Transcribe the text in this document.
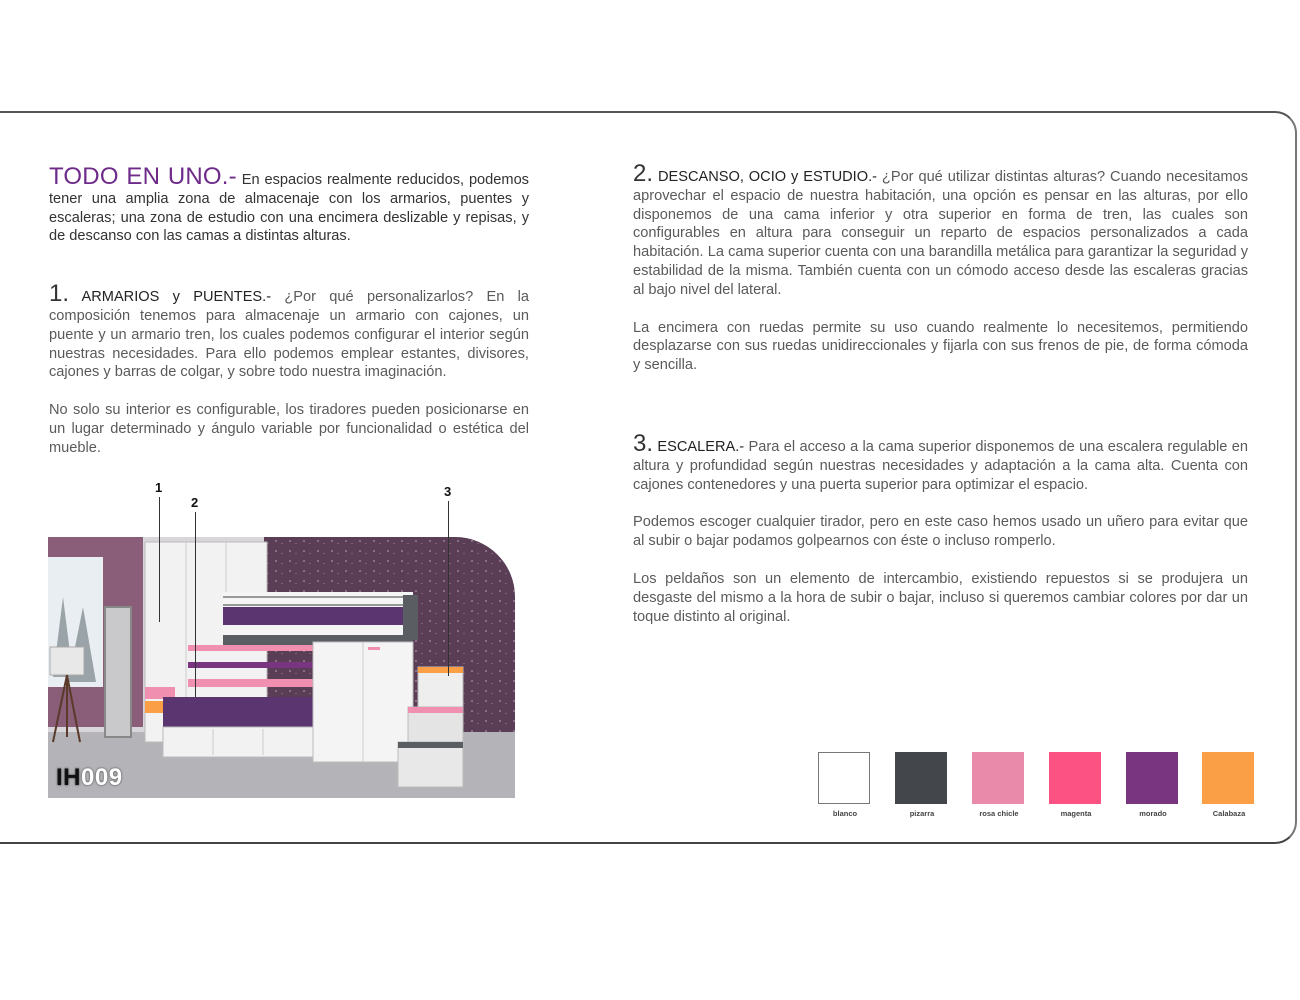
TODO EN UNO.- En espacios realmente reducidos, podemos tener una amplia zona de almacenaje con los armarios, puentes y escaleras; una zona de estudio con una encimera deslizable y repisas, y de descanso con las camas a distintas alturas.

1. ARMARIOS y PUENTES.- ¿Por qué personalizarlos? En la composición tenemos para almacenaje un armario con cajones, un puente y un armario tren, los cuales podemos configurar el interior según nuestras necesidades. Para ello podemos emplear estantes, divisores, cajones y barras de colgar, y sobre todo nuestra imaginación.

No solo su interior es configurable, los tiradores pueden posicionarse en un lugar determinado y ángulo variable por funcionalidad o estética del mueble.

1
2
3
IH009

2. DESCANSO, OCIO y ESTUDIO.- ¿Por qué utilizar distintas alturas? Cuando necesitamos aprovechar el espacio de nuestra habitación, una opción es pensar en las alturas, por ello disponemos de una cama inferior y otra superior en forma de tren, las cuales son configurables en altura para conseguir un reparto de espacios personalizados a cada habitación. La cama superior cuenta con una barandilla metálica para garantizar la seguridad y estabilidad de la misma. También cuenta con un cómodo acceso desde las escaleras gracias al bajo nivel del lateral.

La encimera con ruedas permite su uso cuando realmente lo necesitemos, permitiendo desplazarse con sus ruedas unidireccionales y fijarla con sus frenos de pie, de forma cómoda y sencilla.

3. ESCALERA.- Para el acceso a la cama superior disponemos de una escalera regulable en altura y profundidad según nuestras necesidades y adaptación a la cama alta. Cuenta con cajones contenedores y una puerta superior para optimizar el espacio.

Podemos escoger cualquier tirador, pero en este caso hemos usado un uñero para evitar que al subir o bajar podamos golpearnos con éste o incluso romperlo.

Los peldaños son un elemento de intercambio, existiendo repuestos si se produjera un desgaste del mismo a la hora de subir o bajar, incluso si queremos cambiar colores por dar un toque distinto al original.

blanco	pizarra	rosa chicle	magenta	morado	Calabaza
